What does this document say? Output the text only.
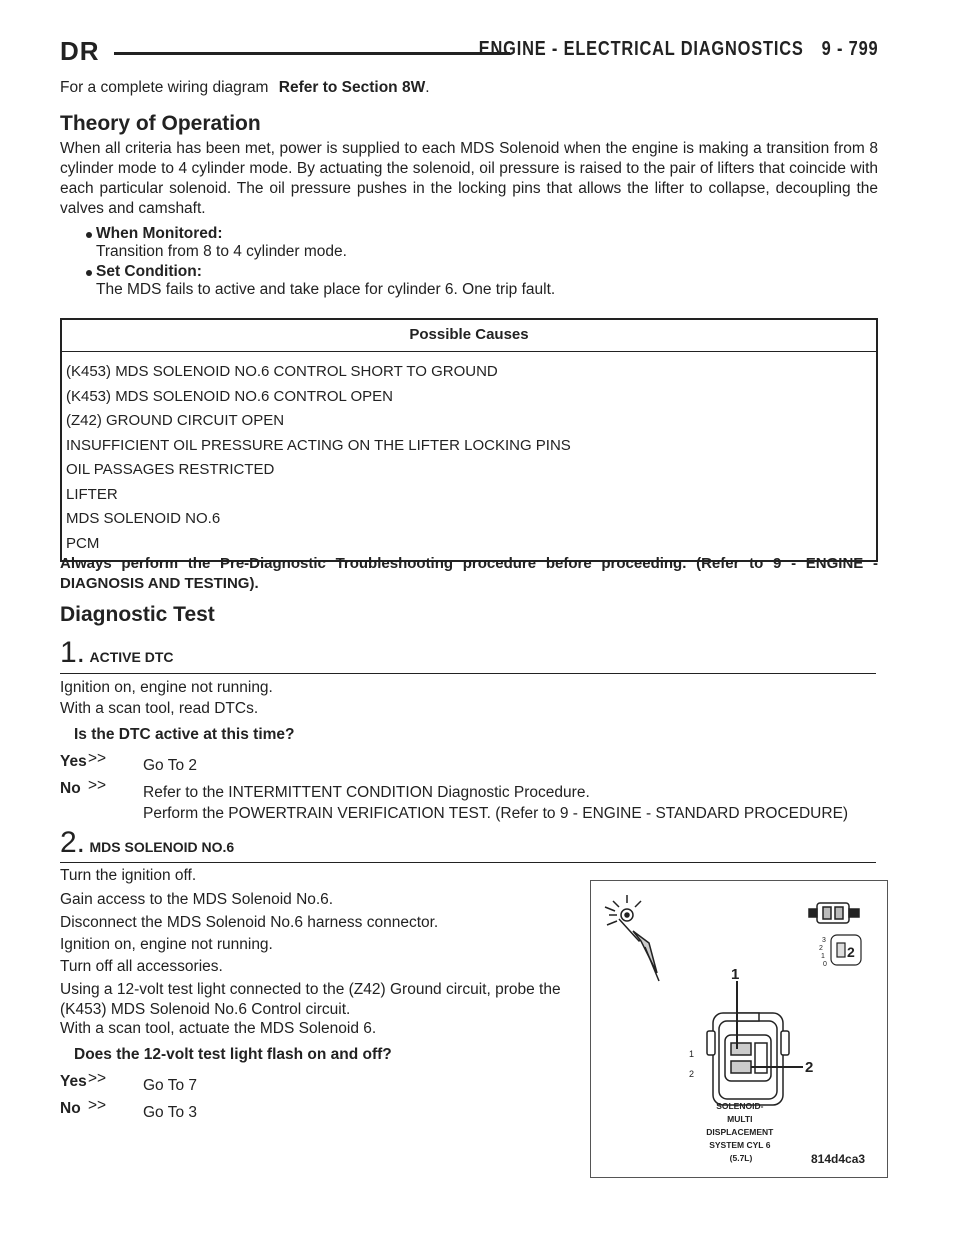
DR	ENGINE - ELECTRICAL DIAGNOSTICS 9 - 799
For a complete wiring diagram Refer to Section 8W.
Theory of Operation
When all criteria has been met, power is supplied to each MDS Solenoid when the engine is making a transition from 8 cylinder mode to 4 cylinder mode. By actuating the solenoid, oil pressure is raised to the pair of lifters that coincide with each particular solenoid. The oil pressure pushes in the locking pins that allows the lifter to collapse, decoupling the valves and camshaft.
When Monitored:
Transition from 8 to 4 cylinder mode.
Set Condition:
The MDS fails to active and take place for cylinder 6. One trip fault.
Possible Causes
(K453) MDS SOLENOID NO.6 CONTROL SHORT TO GROUND
(K453) MDS SOLENOID NO.6 CONTROL OPEN
(Z42) GROUND CIRCUIT OPEN
INSUFFICIENT OIL PRESSURE ACTING ON THE LIFTER LOCKING PINS
OIL PASSAGES RESTRICTED
LIFTER
MDS SOLENOID NO.6
PCM
Always perform the Pre-Diagnostic Troubleshooting procedure before proceeding. (Refer to 9 - ENGINE - DIAGNOSIS AND TESTING).
Diagnostic Test
1. ACTIVE DTC
Ignition on, engine not running.
With a scan tool, read DTCs.
Is the DTC active at this time?
Yes >> Go To 2
No >> Refer to the INTERMITTENT CONDITION Diagnostic Procedure.
Perform the POWERTRAIN VERIFICATION TEST. (Refer to 9 - ENGINE - STANDARD PROCEDURE)
2. MDS SOLENOID NO.6
Turn the ignition off.
Gain access to the MDS Solenoid No.6.
Disconnect the MDS Solenoid No.6 harness connector.
Ignition on, engine not running.
Turn off all accessories.
Using a 12-volt test light connected to the (Z42) Ground circuit, probe the (K453) MDS Solenoid No.6 Control circuit.
With a scan tool, actuate the MDS Solenoid 6.
Does the 12-volt test light flash on and off?
Yes >> Go To 7
No >> Go To 3
3
2
1
0
2
1
2
1
2
SOLENOID- MULTI DISPLACEMENT SYSTEM CYL 6 (5.7L)	814d4ca3
